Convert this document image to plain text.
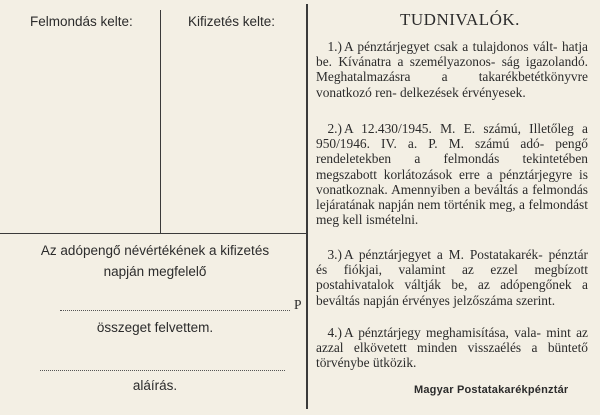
Felmondás kelte:	Kifizetés kelte:
Az adópengő névértékének a kifizetés
napján megfelelő
P
összeget felvettem.
aláírás.
TUDNIVALÓK.
1.) A pénztárjegyet csak a tulajdonos vált- hatja be. Kívánatra a személyazonos- ság igazolandó. Meghatalmazásra a takarékbetétkönyvre vonatkozó ren- delkezések érvényesek.
2.) A 12.430/1945. M. E. számú, Illetőleg a 950/1946. IV. a. P. M. számú adó- pengő rendeletekben a felmondás tekintetében megszabott korlátozások erre a pénztárjegyre is vonatkoznak. Amennyiben a beváltás a felmondás lejáratának napján nem történik meg, a felmondást meg kell ismételni.
3.) A pénztárjegyet a M. Postatakarék- pénztár és fiókjai, valamint az ezzel megbízott postahivatalok váltják be, az adópengőnek a beváltás napján érvényes jelzőszáma szerint.
4.) A pénztárjegy meghamisítása, vala- mint az azzal elkövetett minden visszaélés a büntető törvénybe ütközik.
Magyar Postatakarékpénztár
